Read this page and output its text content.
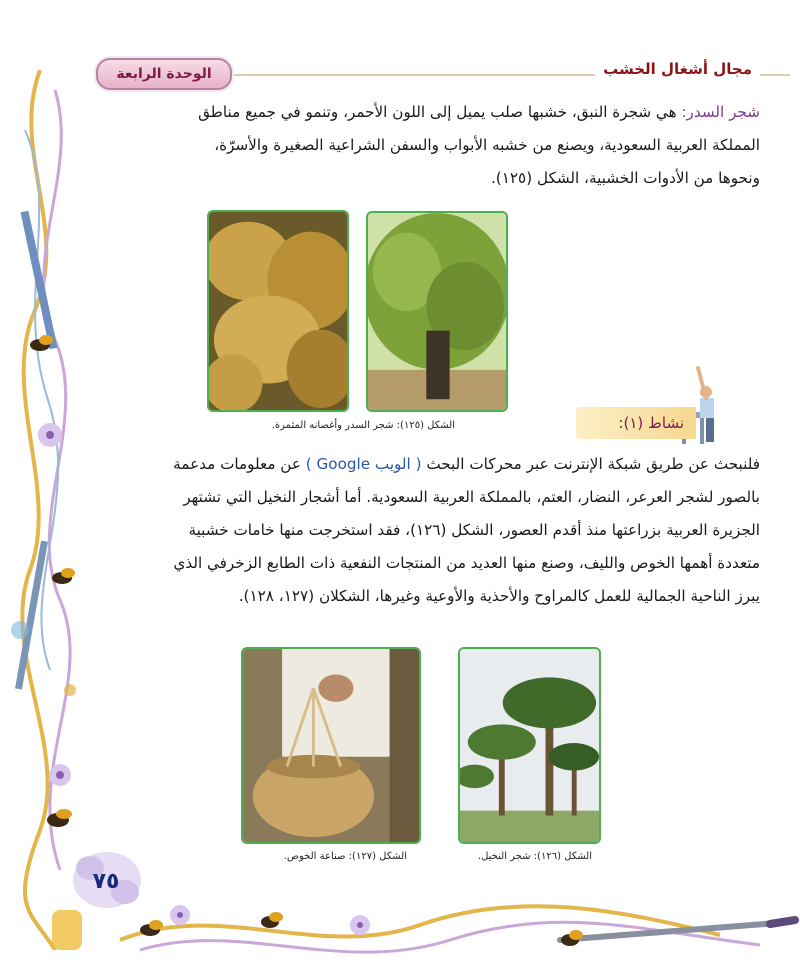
مجال أشغال الخشب
الوحدة الرابعة
شجر السدر: هي شجرة النبق، خشبها صلب يميل إلى اللون الأحمر، وتنمو في جميع مناطق
المملكة العربية السعودية، ويصنع من خشبه الأبواب والسفن الشراعية الصغيرة والأسرّة،
ونحوها من الأدوات الخشبية، الشكل (١٢٥).
الشكل (١٢٥): شجر السدر وأغصانه المثمرة.	نشاط (١):
فلنبحث عن طريق شبكة الإنترنت عبر محركات البحث ( الويب Google ) عن معلومات مدعمة
بالصور لشجر العرعر، النضار، العتم، بالمملكة العربية السعودية. أما أشجار النخيل التي تشتهر
الجزيرة العربية بزراعتها منذ أقدم العصور، الشكل (١٢٦)، فقد استخرجت منها خامات خشبية
متعددة أهمها الخوص والليف، وصنع منها العديد من المنتجات النفعية ذات الطابع الزخرفي الذي
يبرز الناحية الجمالية للعمل كالمراوح والأحذية والأوعية وغيرها، الشكلان (١٢٧، ١٢٨).
الشكل (١٢٦): شجر النخيل.
الشكل (١٢٧): صناعة الخوص.
٧٥
